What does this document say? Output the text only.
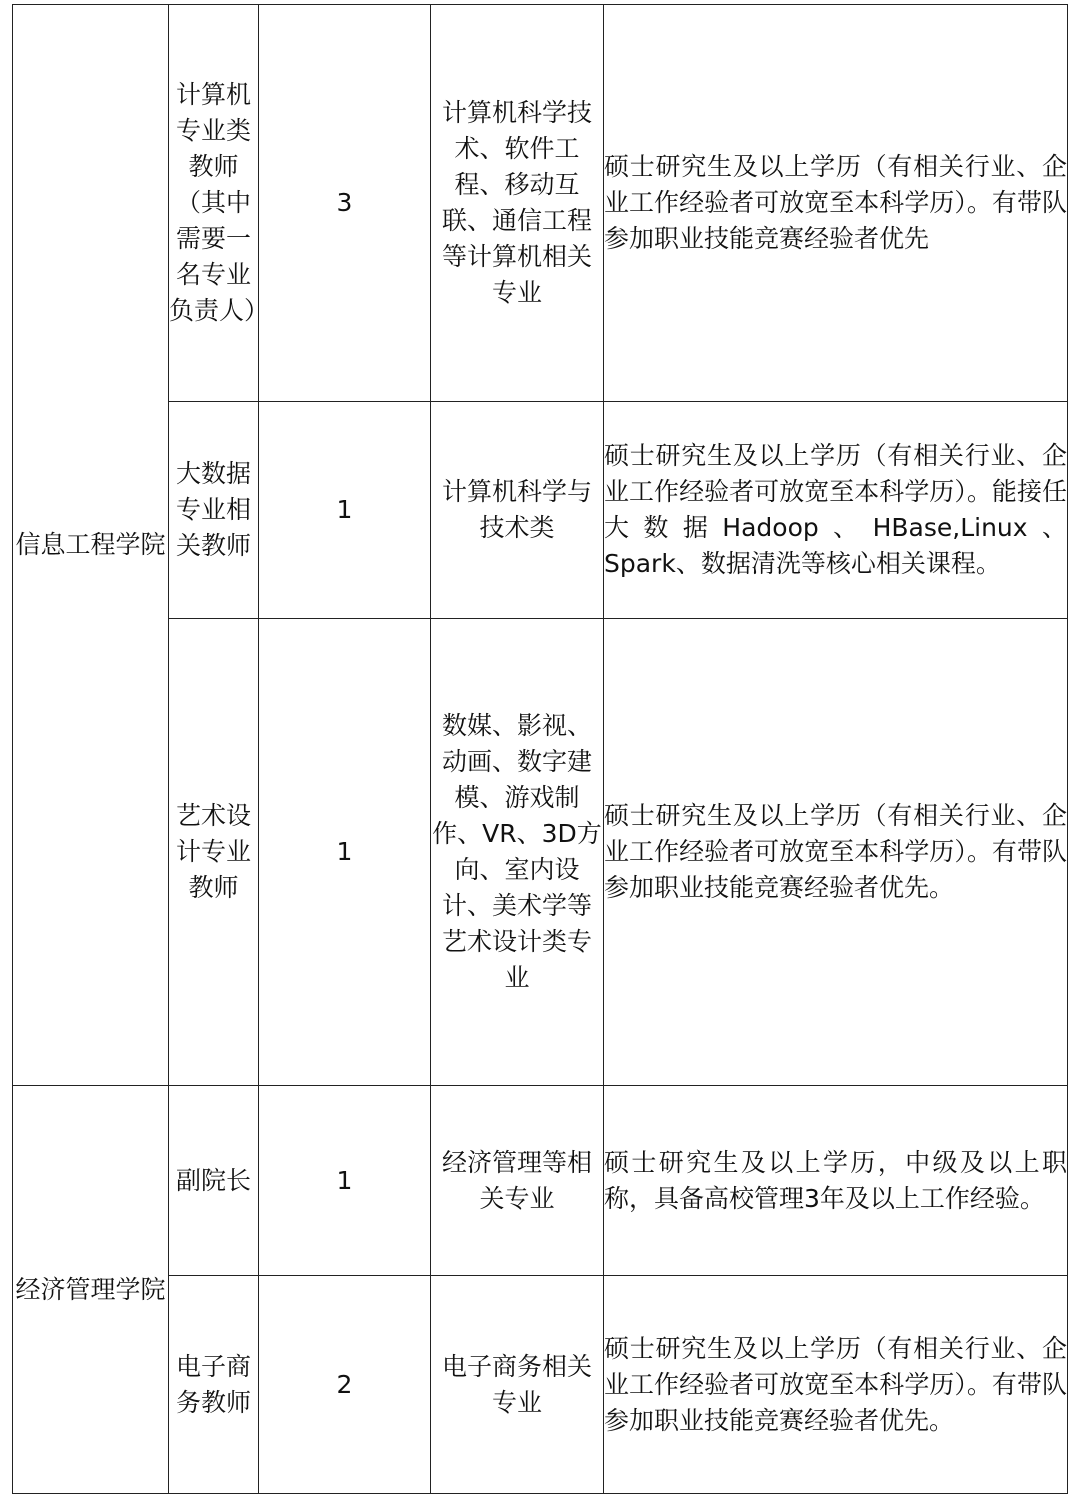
信息工程学院	计算机专业类教师（其中需要一名专业负责人）	3	计算机科学技术、软件工程、移动互联、通信工程等计算机相关专业	硕士研究生及以上学历（有相关行业、企业工作经验者可放宽至本科学历）。有带队参加职业技能竞赛经验者优先

	大数据专业相关教师	1	计算机科学与技术类	硕士研究生及以上学历（有相关行业、企业工作经验者可放宽至本科学历）。能接任大数据Hadoop、HBase,Linux、Spark、数据清洗等核心相关课程。

	艺术设计专业教师	1	数媒、影视、动画、数字建模、游戏制作、VR、3D方向、室内设计、美术学等艺术设计类专业	硕士研究生及以上学历（有相关行业、企业工作经验者可放宽至本科学历）。有带队参加职业技能竞赛经验者优先。

经济管理学院	副院长	1	经济管理等相关专业	硕士研究生及以上学历，中级及以上职称，具备高校管理3年及以上工作经验。

	电子商务教师	2	电子商务相关专业	硕士研究生及以上学历（有相关行业、企业工作经验者可放宽至本科学历）。有带队参加职业技能竞赛经验者优先。
